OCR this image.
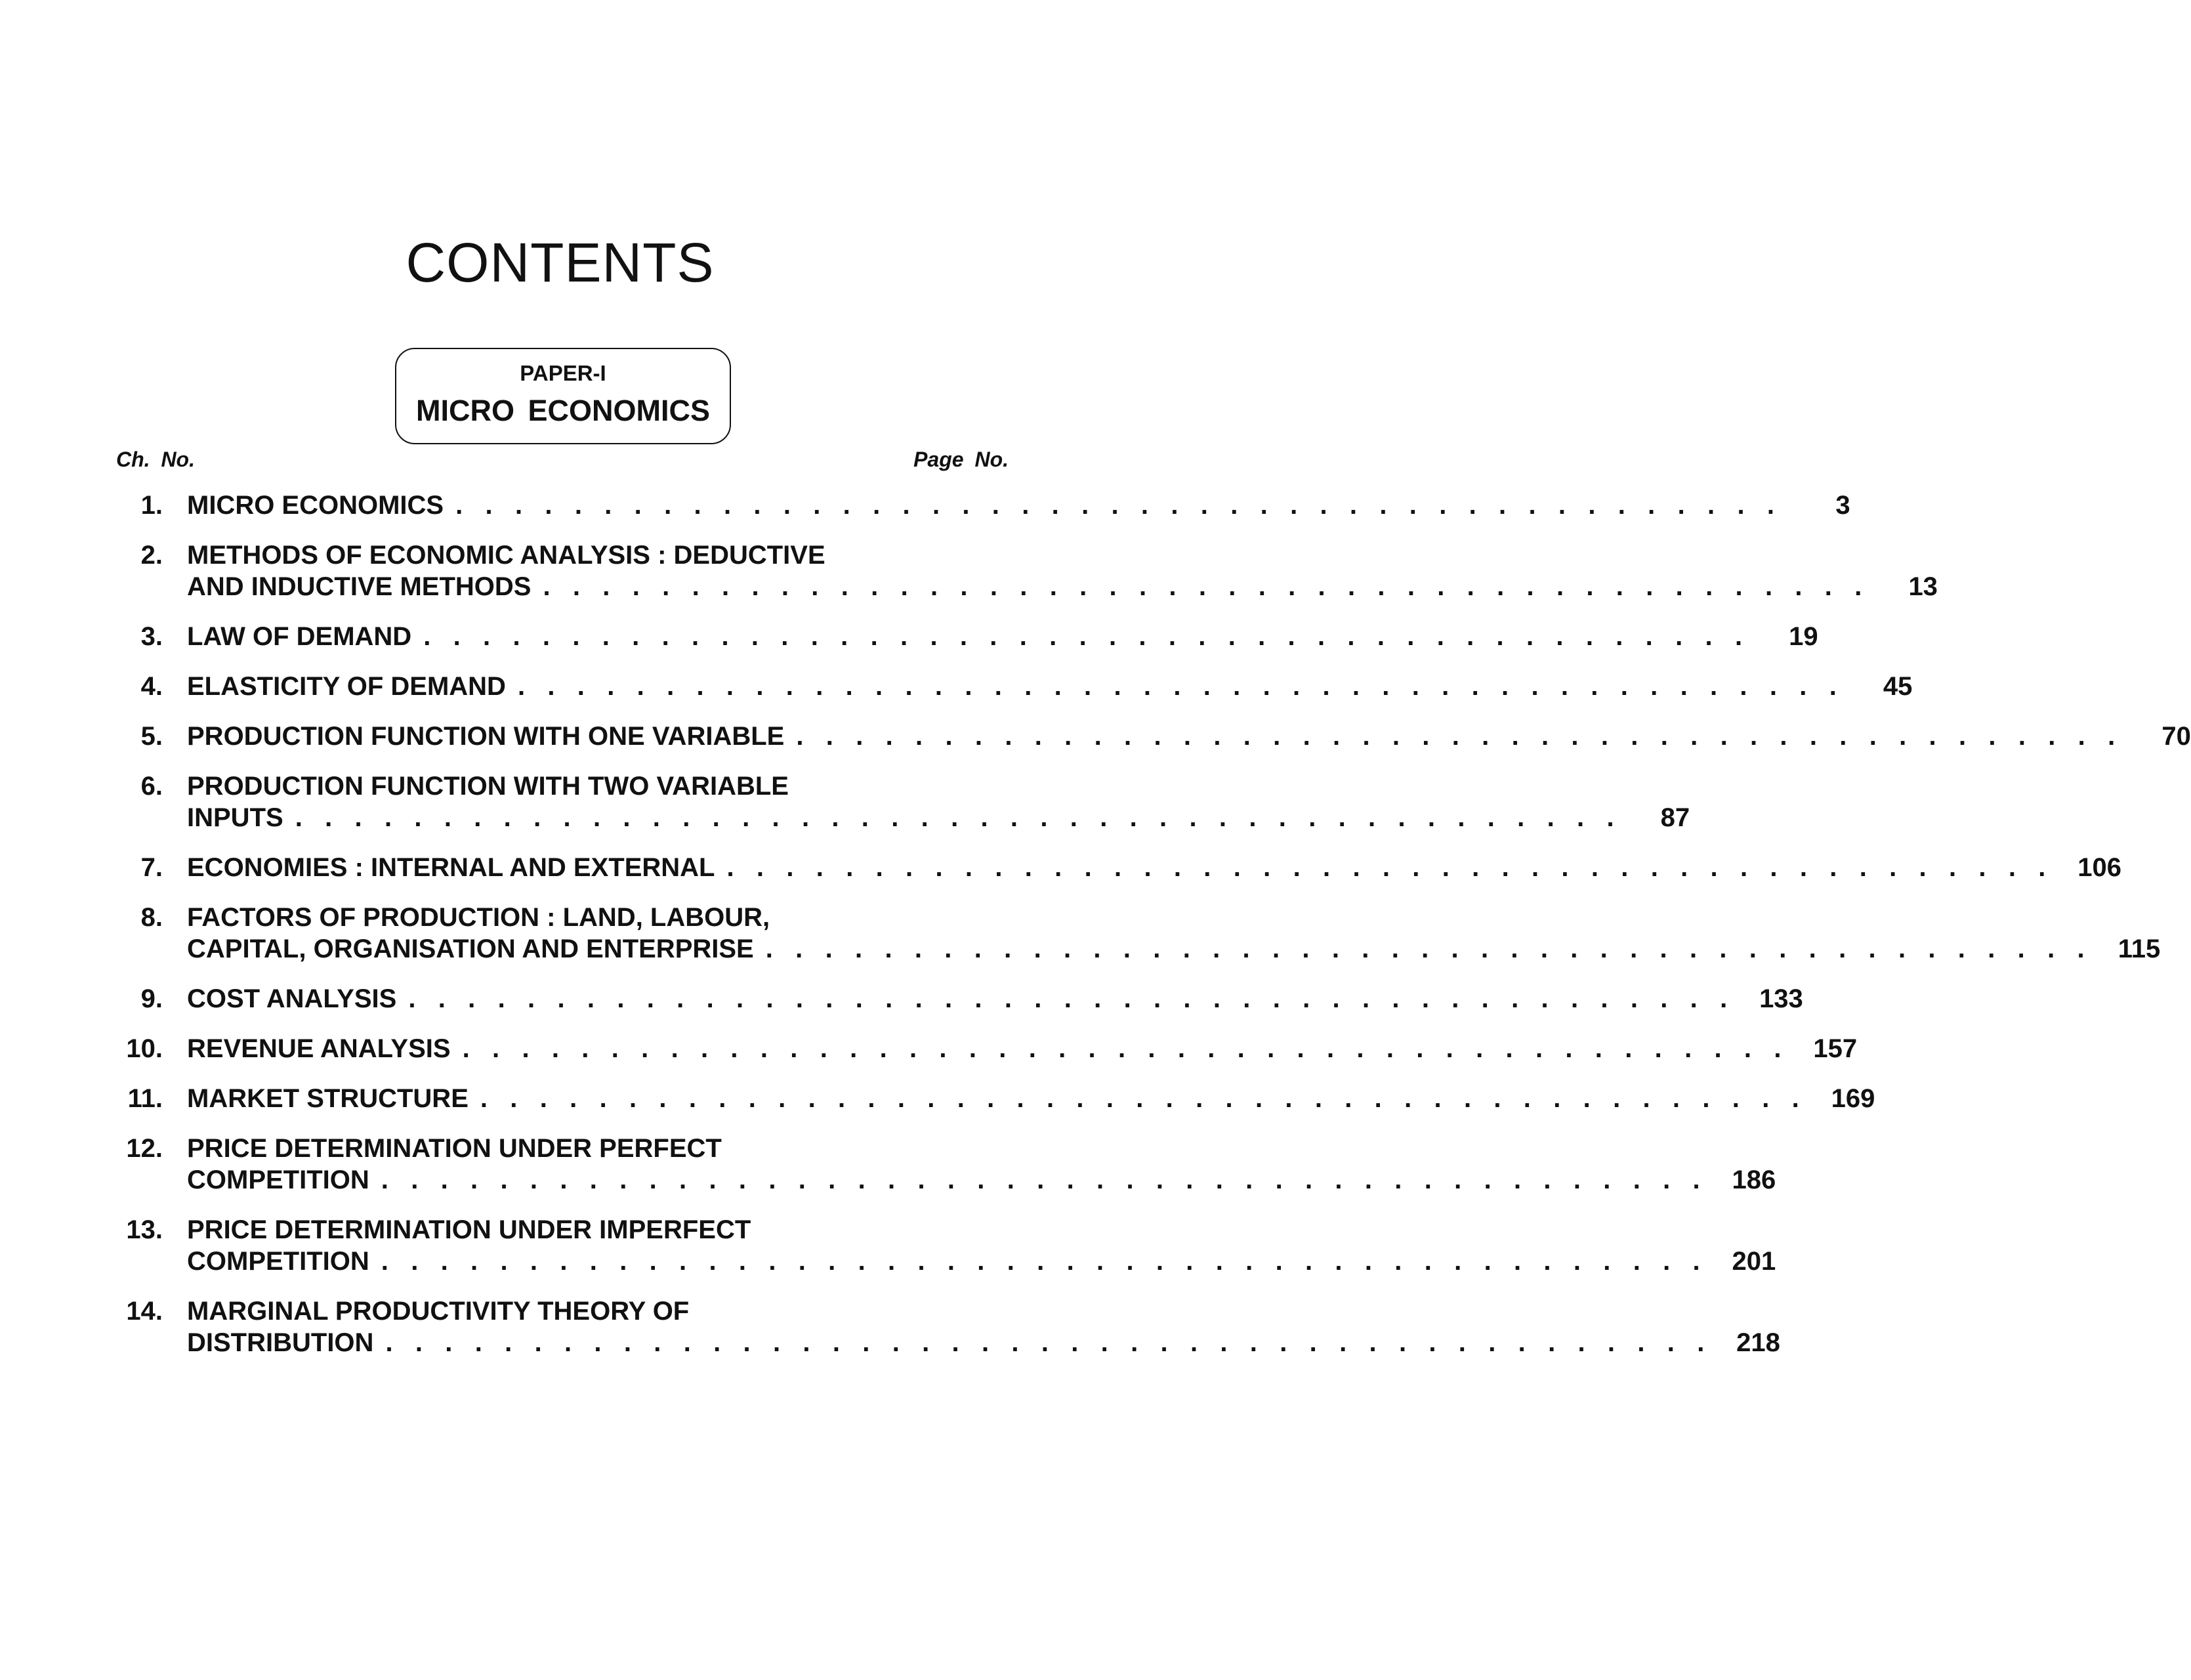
CONTENTS
PAPER-I
MICRO ECONOMICS
Ch. No.	Page No.
1. MICRO ECONOMICS . . . . . . . . . . . . . . . . . . . . . . . . . . . . . . . . . . . . . . . . . . . . .	3
2. METHODS OF ECONOMIC ANALYSIS : DEDUCTIVE
AND INDUCTIVE METHODS . . . . . . . . . . . . . . . . . . . . . . . . . . . . . . . . . . . . . . . . . . . . .	13
3. LAW OF DEMAND . . . . . . . . . . . . . . . . . . . . . . . . . . . . . . . . . . . . . . . . . . . . .	19
4. ELASTICITY OF DEMAND . . . . . . . . . . . . . . . . . . . . . . . . . . . . . . . . . . . . . . . . . . . . .	45
5. PRODUCTION FUNCTION WITH ONE VARIABLE . . . . . . . . . . . . . . . . . . . . . . . . . . . . . . . . . . . . . . . . . . . . .	70
6. PRODUCTION FUNCTION WITH TWO VARIABLE
INPUTS . . . . . . . . . . . . . . . . . . . . . . . . . . . . . . . . . . . . . . . . . . . . .	87
7. ECONOMIES : INTERNAL AND EXTERNAL . . . . . . . . . . . . . . . . . . . . . . . . . . . . . . . . . . . . . . . . . . . . . 106
8. FACTORS OF PRODUCTION : LAND, LABOUR,
CAPITAL, ORGANISATION AND ENTERPRISE . . . . . . . . . . . . . . . . . . . . . . . . . . . . . . . . . . . . . . . . . . . . . 115
9. COST ANALYSIS . . . . . . . . . . . . . . . . . . . . . . . . . . . . . . . . . . . . . . . . . . . . . 133
10. REVENUE ANALYSIS . . . . . . . . . . . . . . . . . . . . . . . . . . . . . . . . . . . . . . . . . . . . . 157
11. MARKET STRUCTURE . . . . . . . . . . . . . . . . . . . . . . . . . . . . . . . . . . . . . . . . . . . . . 169
12. PRICE DETERMINATION UNDER PERFECT
COMPETITION . . . . . . . . . . . . . . . . . . . . . . . . . . . . . . . . . . . . . . . . . . . . . 186
13. PRICE DETERMINATION UNDER IMPERFECT
COMPETITION . . . . . . . . . . . . . . . . . . . . . . . . . . . . . . . . . . . . . . . . . . . . . 201
14. MARGINAL PRODUCTIVITY THEORY OF
DISTRIBUTION . . . . . . . . . . . . . . . . . . . . . . . . . . . . . . . . . . . . . . . . . . . . . 218
